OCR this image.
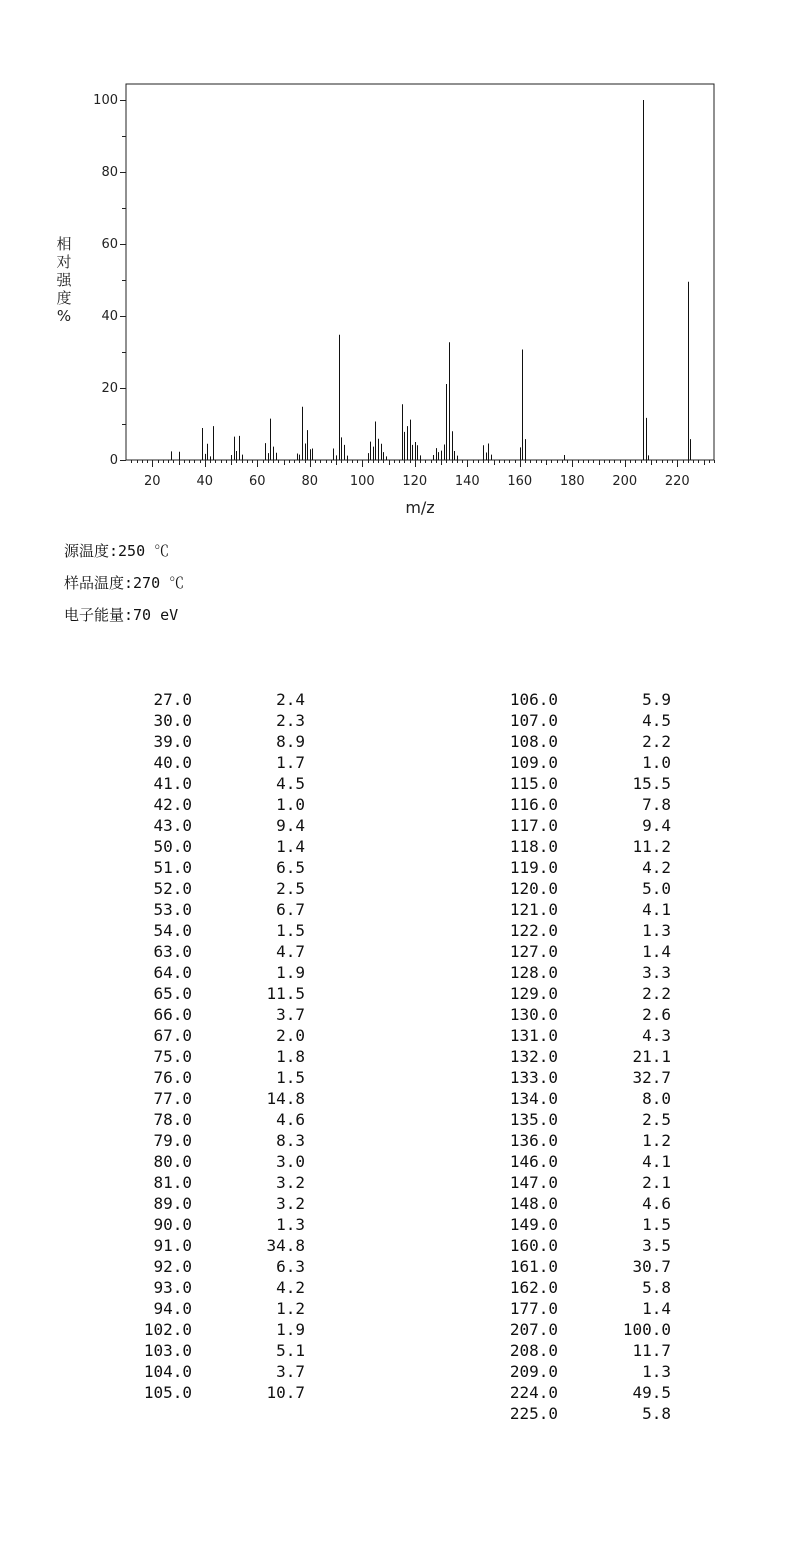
20	40	60	80 100 120 140 160 180 200 220
0
20
40
60
80
100
m/z
相
对
强
度
%
源温度:250 ℃
样品温度:270 ℃
电子能量:70 eV
27.0	2.4
30.0	2.3
39.0	8.9
40.0	1.7
41.0	4.5
42.0	1.0
43.0	9.4
50.0	1.4
51.0	6.5
52.0	2.5
53.0	6.7
54.0	1.5
63.0	4.7
64.0	1.9
65.0	11.5
66.0	3.7
67.0	2.0
75.0	1.8
76.0	1.5
77.0	14.8
78.0	4.6
79.0	8.3
80.0	3.0
81.0	3.2
89.0	3.2
90.0	1.3
91.0	34.8
92.0	6.3
93.0	4.2
94.0	1.2
102.0	1.9
103.0	5.1
104.0	3.7
105.0	10.7
106.0	5.9
107.0	4.5
108.0	2.2
109.0	1.0
115.0	15.5
116.0	7.8
117.0	9.4
118.0	11.2
119.0	4.2
120.0	5.0
121.0	4.1
122.0	1.3
127.0	1.4
128.0	3.3
129.0	2.2
130.0	2.6
131.0	4.3
132.0	21.1
133.0	32.7
134.0	8.0
135.0	2.5
136.0	1.2
146.0	4.1
147.0	2.1
148.0	4.6
149.0	1.5
160.0	3.5
161.0	30.7
162.0	5.8
177.0	1.4
207.0	100.0
208.0	11.7
209.0	1.3
224.0	49.5
225.0	5.8
